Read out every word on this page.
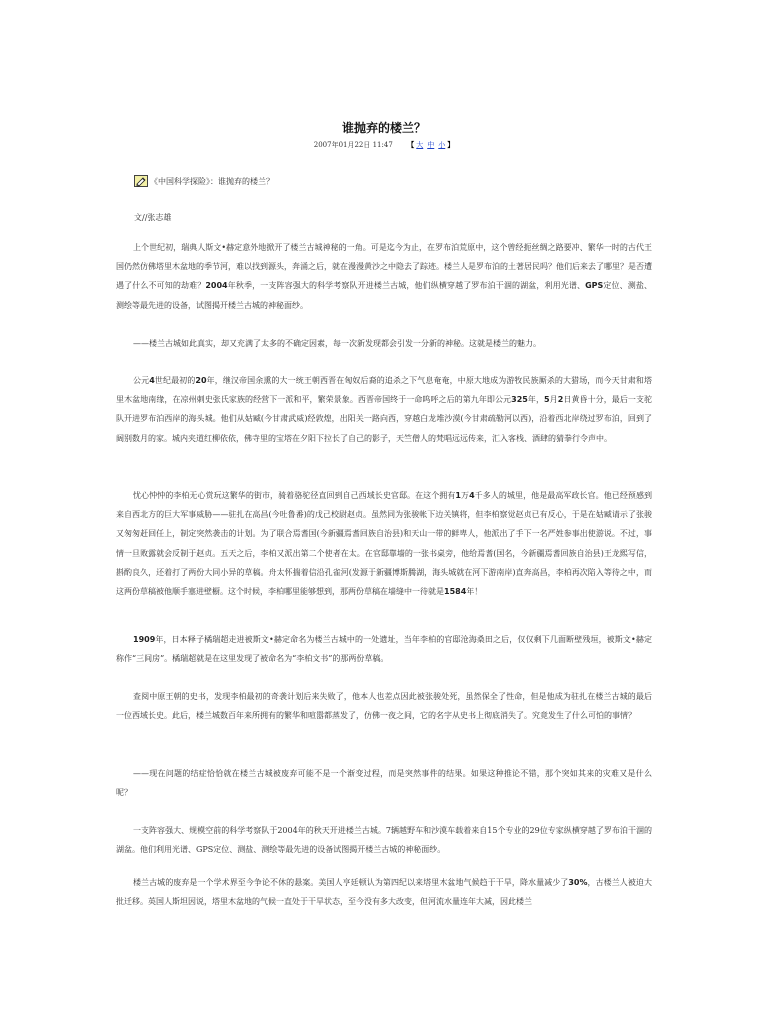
谁抛弃的楼兰？
2007年01月22日 11:47 【 大 中 小 】
《中国科学探险》：谁抛弃的楼兰？
文//张志雄

上个世纪初，瑞典人斯文•赫定意外地掀开了楼兰古城神秘的一角。可是迄今为止，在罗布泊荒原中，这个曾经扼丝绸之路要冲、繁华一时的古代王国仍然仿佛塔里木盆地的季节河，难以找到源头，奔涌之后，就在漫漫黄沙之中隐去了踪迹。楼兰人是罗布泊的土著居民吗？他们后来去了哪里？是否遭遇了什么不可知的劫难？2004年秋季，一支阵容强大的科学考察队开进楼兰古城，他们纵横穿越了罗布泊干涸的湖盆，利用光谱、GPS定位、测盐、测绘等最先进的设备，试图揭开楼兰古城的神秘面纱。

——楼兰古城如此真实，却又充满了太多的不确定因素，每一次新发现都会引发一分新的神秘。这就是楼兰的魅力。

公元4世纪最初的20年，继汉帝国余熏的大一统王朝西晋在匈奴后裔的追杀之下气息奄奄，中原大地成为游牧民族厮杀的大猎场，而今天甘肃和塔里木盆地南缘，在凉州刺史张氏家族的经营下一派和平，繁荣景象。西晋帝国终于一命呜呼之后的第九年即公元325年，5月2日黄昏十分，最后一支驼队开进罗布泊西岸的海头城。他们从姑臧(今甘肃武威)经敦煌，出阳关一路向西，穿越白龙堆沙漠(今甘肃疏勒河以西)，沿着西北岸绕过罗布泊，回到了阔别数月的家。城内夹道红柳依依，佛寺里的宝塔在夕阳下拉长了自己的影子，天竺僧人的梵唱远远传来，汇入客栈、酒肆的猜拳行令声中。

忧心忡忡的李柏无心赏玩这繁华的街市，骑着骆驼径直回到自己西域长史官邸。在这个拥有1万4千多人的城里，他是最高军政长官。他已经预感到来自西北方的巨大军事威胁——驻扎在高昌(今吐鲁番)的戊己校尉赵贞。虽然同为张骏帐下边关镇将，但李柏察觉赵贞已有反心，于是在姑臧请示了张骏又匆匆赶回任上，制定突然袭击的计划。为了联合焉耆国(今新疆焉耆回族自治县)和天山一带的鲜卑人，他派出了手下一名严姓参事出使游说。不过，事情一旦败露就会反制于赵贞。五天之后，李柏又派出第二个使者在太。在官邸靠墙的一张书桌旁，他给焉耆(国名，今新疆焉耆回族自治县)王龙熙写信，斟酌良久，还着打了两份大同小异的草稿。舟太怀揣着信沿孔雀河(发源于新疆博斯腾湖，海头城就在河下游南岸)直奔高昌，李柏再次陷入等待之中，而这两份草稿被他顺手塞进壁橱。这个时候，李柏哪里能够想到，那两份草稿在墙缝中一待就是1584年！

1909年，日本释子橘瑞超走进被斯文•赫定命名为楼兰古城中的一处遗址，当年李柏的官邸沧海桑田之后，仅仅剩下几面断壁残垣，被斯文•赫定称作“三间房”。橘瑞超就是在这里发现了被命名为“李柏文书”的那两份草稿。

查阅中原王朝的史书，发现李柏最初的奇袭计划后来失败了，他本人也差点因此被张骏处死，虽然保全了性命，但是他成为驻扎在楼兰古城的最后一位西域长史。此后，楼兰城数百年来所拥有的繁华和喧嚣都蒸发了，仿佛一夜之间，它的名字从史书上彻底消失了。究竟发生了什么可怕的事情？

——现在问题的结症恰恰就在楼兰古城被废弃可能不是一个渐变过程，而是突然事件的结果。如果这种推论不错，那个突如其来的灾难又是什么呢？

一支阵容强大、规模空前的科学考察队于2004年的秋天开进楼兰古城。7辆越野车和沙漠车载着来自15个专业的29位专家纵横穿越了罗布泊干涸的湖盆。他们利用光谱、GPS定位、测盐、测绘等最先进的设备试图揭开楼兰古城的神秘面纱。

楼兰古城的废弃是一个学术界至今争论不休的悬案。美国人亨廷顿认为第四纪以来塔里木盆地气候趋于干旱，降水量减少了30%，古楼兰人被迫大批迁移。英国人斯坦因说，塔里木盆地的气候一直处于干旱状态，至今没有多大改变，但河流水量连年大减，因此楼兰
